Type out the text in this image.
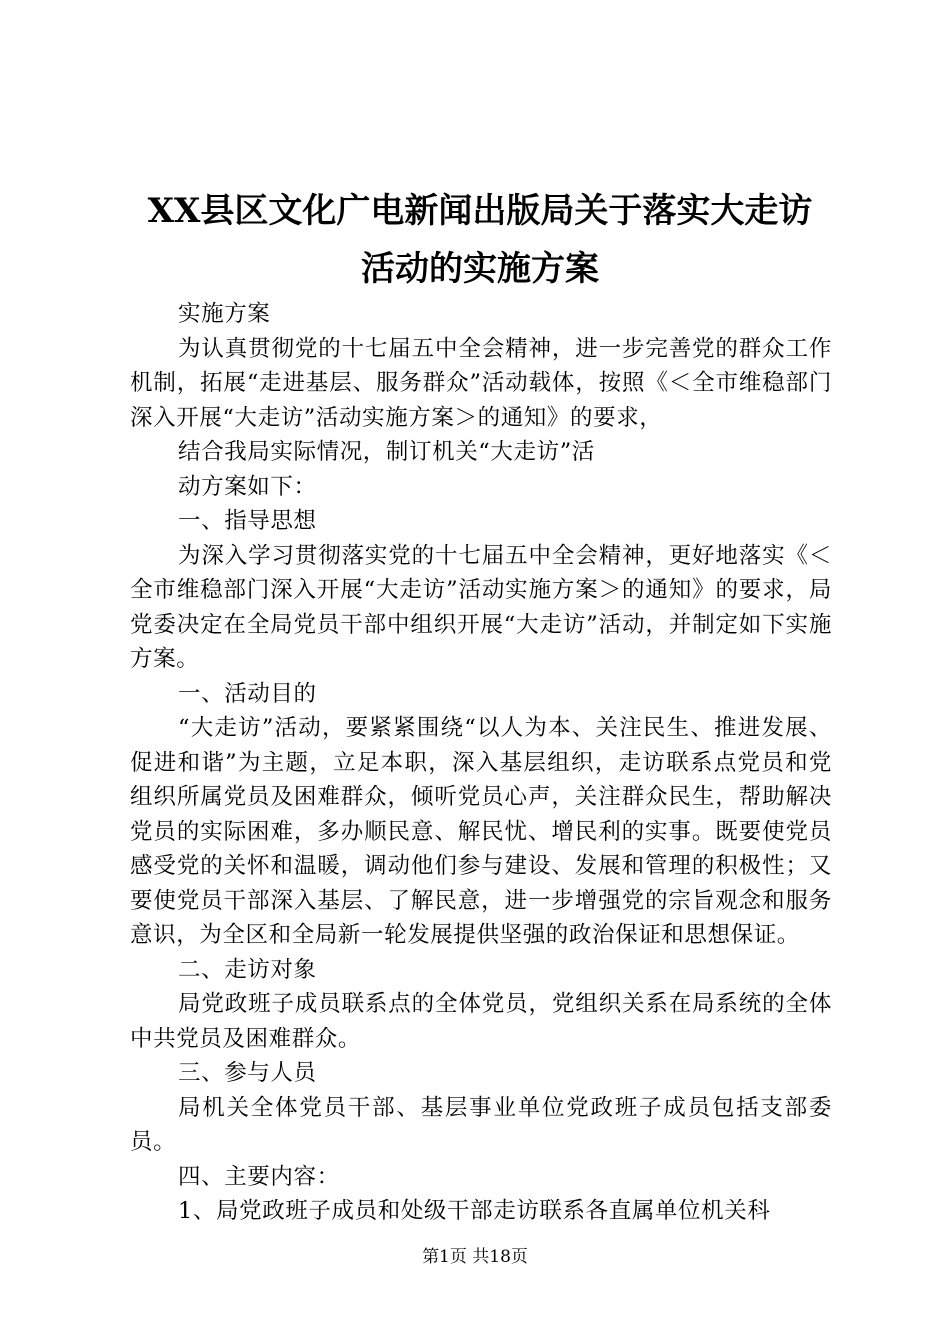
XX县区文化广电新闻出版局关于落实大走访
活动的实施方案

实施方案

为认真贯彻党的十七届五中全会精神，进一步完善党的群众工作机制，拓展“走进基层、服务群众”活动载体，按照《＜全市维稳部门深入开展“大走访”活动实施方案＞的通知》的要求，

结合我局实际情况，制订机关“大走访”活

动方案如下：

一、指导思想

为深入学习贯彻落实党的十七届五中全会精神，更好地落实《＜全市维稳部门深入开展“大走访”活动实施方案＞的通知》的要求，局党委决定在全局党员干部中组织开展“大走访”活动，并制定如下实施方案。

一、活动目的

“大走访”活动，要紧紧围绕“以人为本、关注民生、推进发展、促进和谐”为主题，立足本职，深入基层组织，走访联系点党员和党组织所属党员及困难群众，倾听党员心声，关注群众民生，帮助解决党员的实际困难，多办顺民意、解民忧、增民利的实事。既要使党员感受党的关怀和温暖，调动他们参与建设、发展和管理的积极性；又要使党员干部深入基层、了解民意，进一步增强党的宗旨观念和服务意识，为全区和全局新一轮发展提供坚强的政治保证和思想保证。

二、走访对象

局党政班子成员联系点的全体党员，党组织关系在局系统的全体中共党员及困难群众。

三、参与人员

局机关全体党员干部、基层事业单位党政班子成员包括支部委员。

四、主要内容：

1、局党政班子成员和处级干部走访联系各直属单位机关科

第1页 共18页
